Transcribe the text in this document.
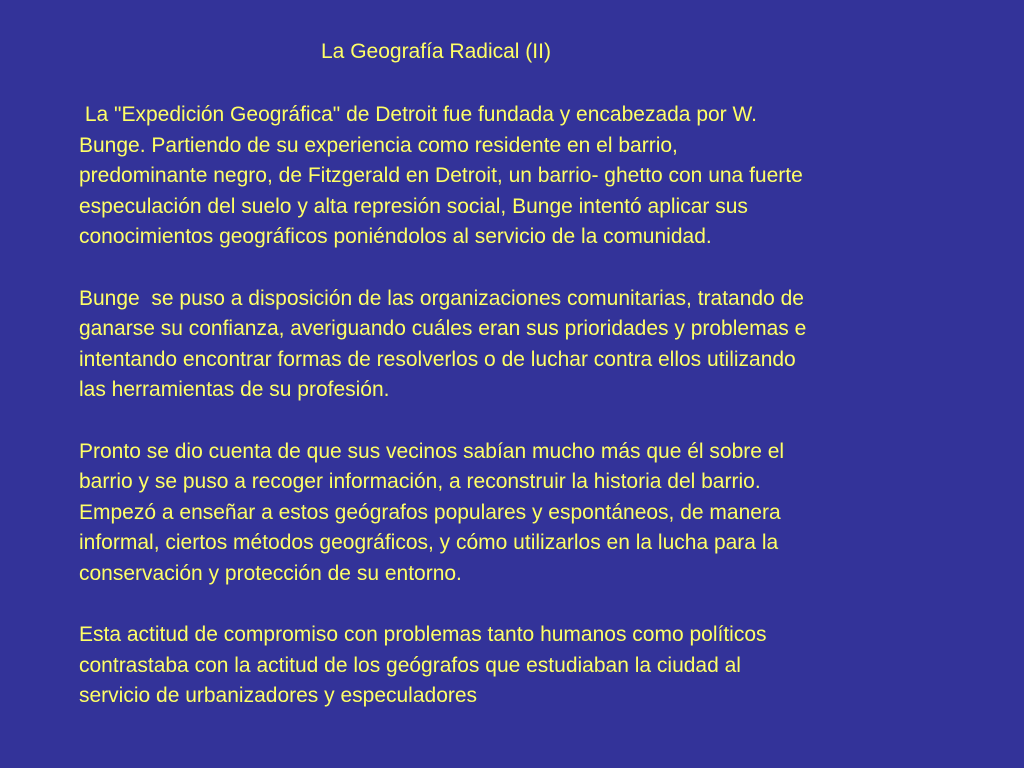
La Geografía Radical (II)

La "Expedición Geográfica" de Detroit fue fundada y encabezada por W.
Bunge. Partiendo de su experiencia como residente en el barrio,
predominante negro, de Fitzgerald en Detroit, un barrio- ghetto con una fuerte
especulación del suelo y alta represión social, Bunge intentó aplicar sus
conocimientos geográficos poniéndolos al servicio de la comunidad.

Bunge  se puso a disposición de las organizaciones comunitarias, tratando de
ganarse su confianza, averiguando cuáles eran sus prioridades y problemas e
intentando encontrar formas de resolverlos o de luchar contra ellos utilizando
las herramientas de su profesión.

Pronto se dio cuenta de que sus vecinos sabían mucho más que él sobre el
barrio y se puso a recoger información, a reconstruir la historia del barrio.
Empezó a enseñar a estos geógrafos populares y espontáneos, de manera
informal, ciertos métodos geográficos, y cómo utilizarlos en la lucha para la
conservación y protección de su entorno.

Esta actitud de compromiso con problemas tanto humanos como políticos
contrastaba con la actitud de los geógrafos que estudiaban la ciudad al
servicio de urbanizadores y especuladores
